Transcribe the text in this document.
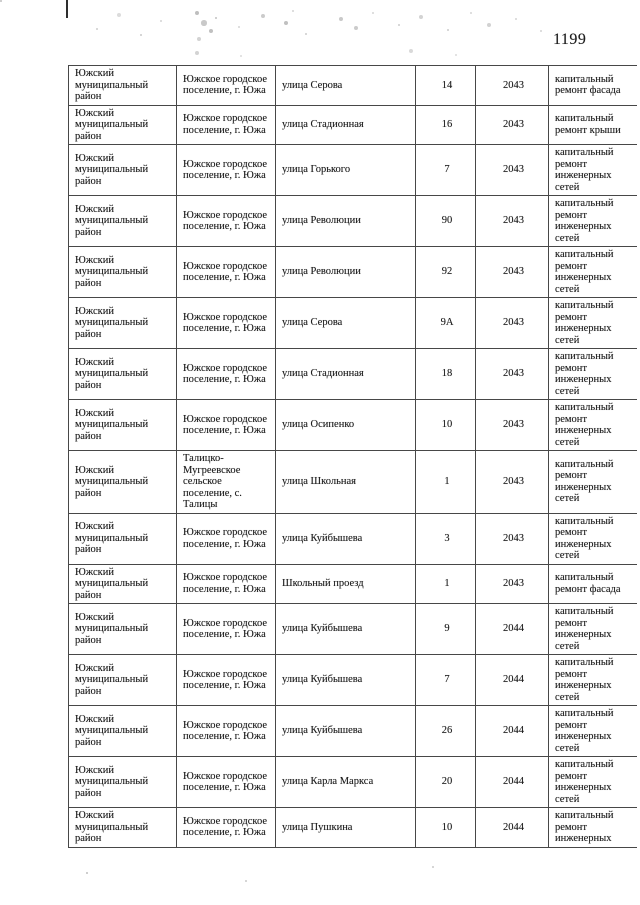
1199
Южский муниципальный район	Южское городское поселение, г. Южа	улица Серова	14	2043	капитальный ремонт фасада
Южский муниципальный район	Южское городское поселение, г. Южа	улица Стадионная	16	2043	капитальный ремонт крыши
Южский муниципальный район	Южское городское поселение, г. Южа	улица Горького	7	2043	капитальный ремонт инженерных сетей
Южский муниципальный район	Южское городское поселение, г. Южа	улица Революции	90	2043	капитальный ремонт инженерных сетей
Южский муниципальный район	Южское городское поселение, г. Южа	улица Революции	92	2043	капитальный ремонт инженерных сетей
Южский муниципальный район	Южское городское поселение, г. Южа	улица Серова	9А	2043	капитальный ремонт инженерных сетей
Южский муниципальный район	Южское городское поселение, г. Южа	улица Стадионная	18	2043	капитальный ремонт инженерных сетей
Южский муниципальный район	Южское городское поселение, г. Южа	улица Осипенко	10	2043	капитальный ремонт инженерных сетей
Южский муниципальный район	Талицко-Мугреевское сельское поселение, с. Талицы	улица Школьная	1	2043	капитальный ремонт инженерных сетей
Южский муниципальный район	Южское городское поселение, г. Южа	улица Куйбышева	3	2043	капитальный ремонт инженерных сетей
Южский муниципальный район	Южское городское поселение, г. Южа	Школьный проезд	1	2043	капитальный ремонт фасада
Южский муниципальный район	Южское городское поселение, г. Южа	улица Куйбышева	9	2044	капитальный ремонт инженерных сетей
Южский муниципальный район	Южское городское поселение, г. Южа	улица Куйбышева	7	2044	капитальный ремонт инженерных сетей
Южский муниципальный район	Южское городское поселение, г. Южа	улица Куйбышева	26	2044	капитальный ремонт инженерных сетей
Южский муниципальный район	Южское городское поселение, г. Южа	улица Карла Маркса	20	2044	капитальный ремонт инженерных сетей
Южский муниципальный район	Южское городское поселение, г. Южа	улица Пушкина	10	2044	капитальный ремонт инженерных
